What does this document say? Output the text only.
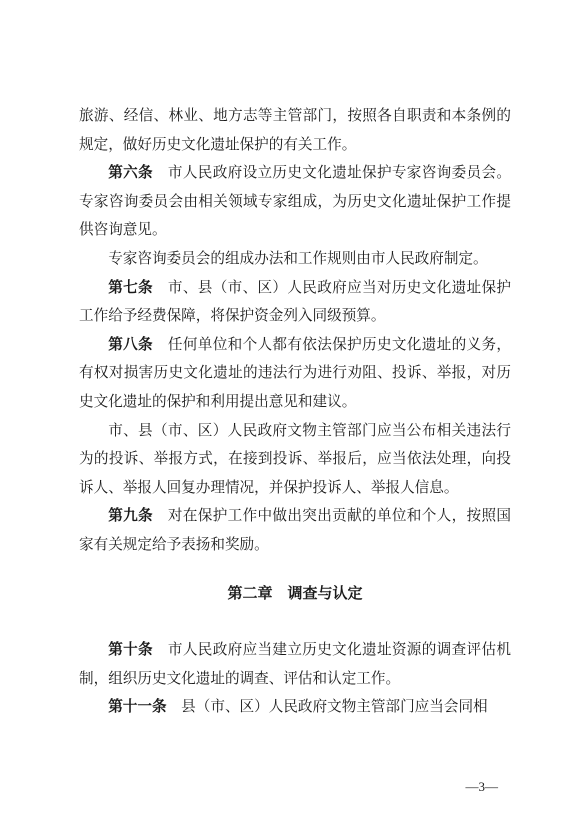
旅游、经信、林业、地方志等主管部门，按照各自职责和本条例的规定，做好历史文化遗址保护的有关工作。

第六条　市人民政府设立历史文化遗址保护专家咨询委员会。专家咨询委员会由相关领域专家组成，为历史文化遗址保护工作提供咨询意见。

专家咨询委员会的组成办法和工作规则由市人民政府制定。

第七条　市、县（市、区）人民政府应当对历史文化遗址保护工作给予经费保障，将保护资金列入同级预算。

第八条　任何单位和个人都有依法保护历史文化遗址的义务，有权对损害历史文化遗址的违法行为进行劝阻、投诉、举报，对历史文化遗址的保护和利用提出意见和建议。

市、县（市、区）人民政府文物主管部门应当公布相关违法行为的投诉、举报方式，在接到投诉、举报后，应当依法处理，向投诉人、举报人回复办理情况，并保护投诉人、举报人信息。

第九条　对在保护工作中做出突出贡献的单位和个人，按照国家有关规定给予表扬和奖励。

第二章　调查与认定

第十条　市人民政府应当建立历史文化遗址资源的调查评估机制，组织历史文化遗址的调查、评估和认定工作。

第十一条　县（市、区）人民政府文物主管部门应当会同相

—3—
